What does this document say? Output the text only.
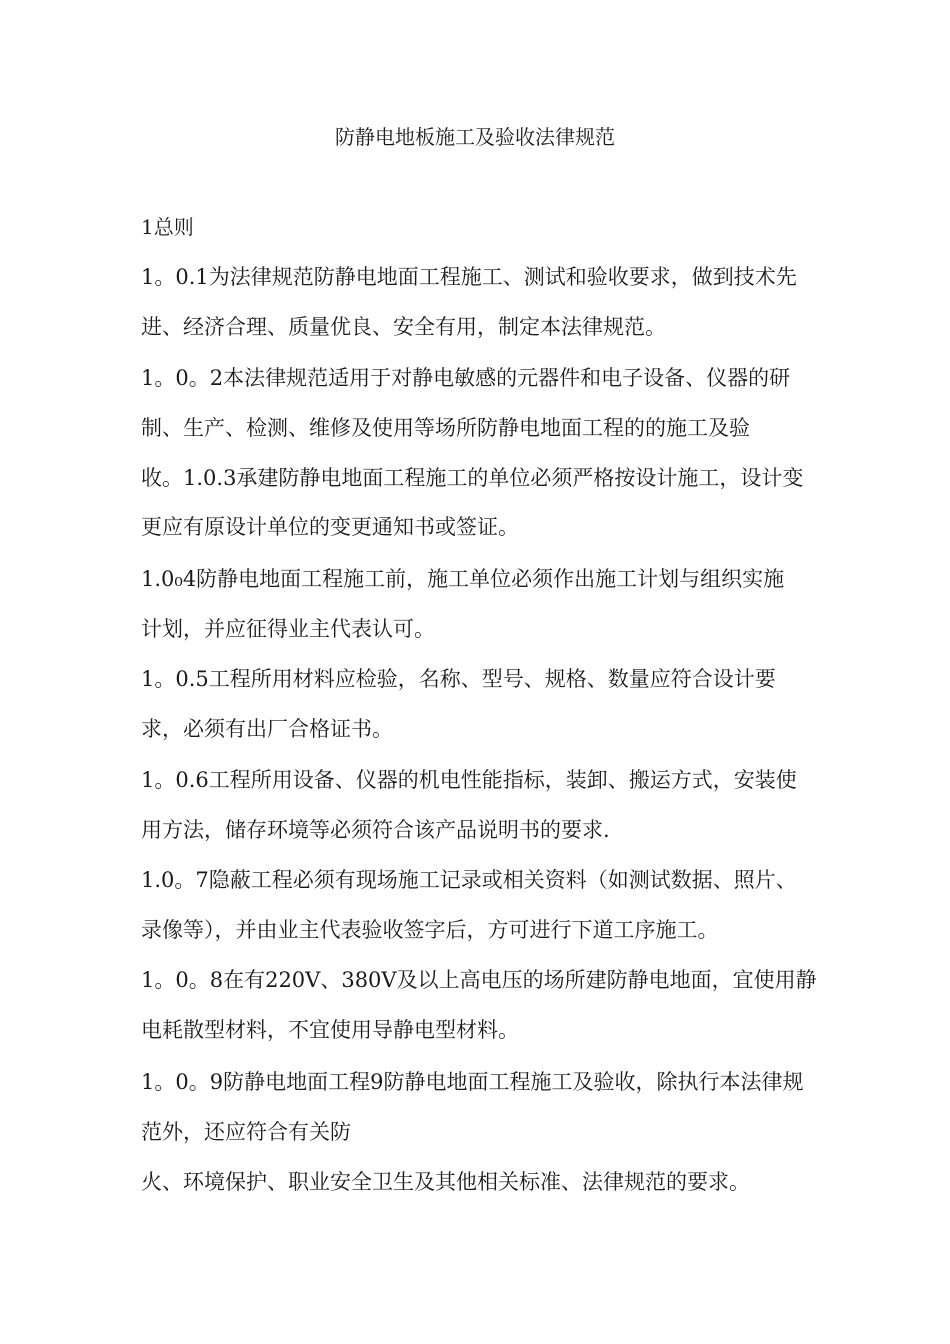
防静电地板施工及验收法律规范
1总则
1。0.1为法律规范防静电地面工程施工、测试和验收要求，做到技术先
进、经济合理、质量优良、安全有用，制定本法律规范。
1。0。2本法律规范适用于对静电敏感的元器件和电子设备、仪器的研
制、生产、检测、维修及使用等场所防静电地面工程的的施工及验
收。1.0.3承建防静电地面工程施工的单位必须严格按设计施工，设计变
更应有原设计单位的变更通知书或签证。
1.0₀4防静电地面工程施工前，施工单位必须作出施工计划与组织实施
计划，并应征得业主代表认可。
1。0.5工程所用材料应检验，名称、型号、规格、数量应符合设计要
求，必须有出厂合格证书。
1。0.6工程所用设备、仪器的机电性能指标，装卸、搬运方式，安装使
用方法，储存环境等必须符合该产品说明书的要求.
1.0。7隐蔽工程必须有现场施工记录或相关资料（如测试数据、照片、
录像等），并由业主代表验收签字后，方可进行下道工序施工。
1。0。8在有220V、380V及以上高电压的场所建防静电地面，宜使用静
电耗散型材料，不宜使用导静电型材料。
1。0。9防静电地面工程9防静电地面工程施工及验收，除执行本法律规
范外，还应符合有关防
火、环境保护、职业安全卫生及其他相关标准、法律规范的要求。
